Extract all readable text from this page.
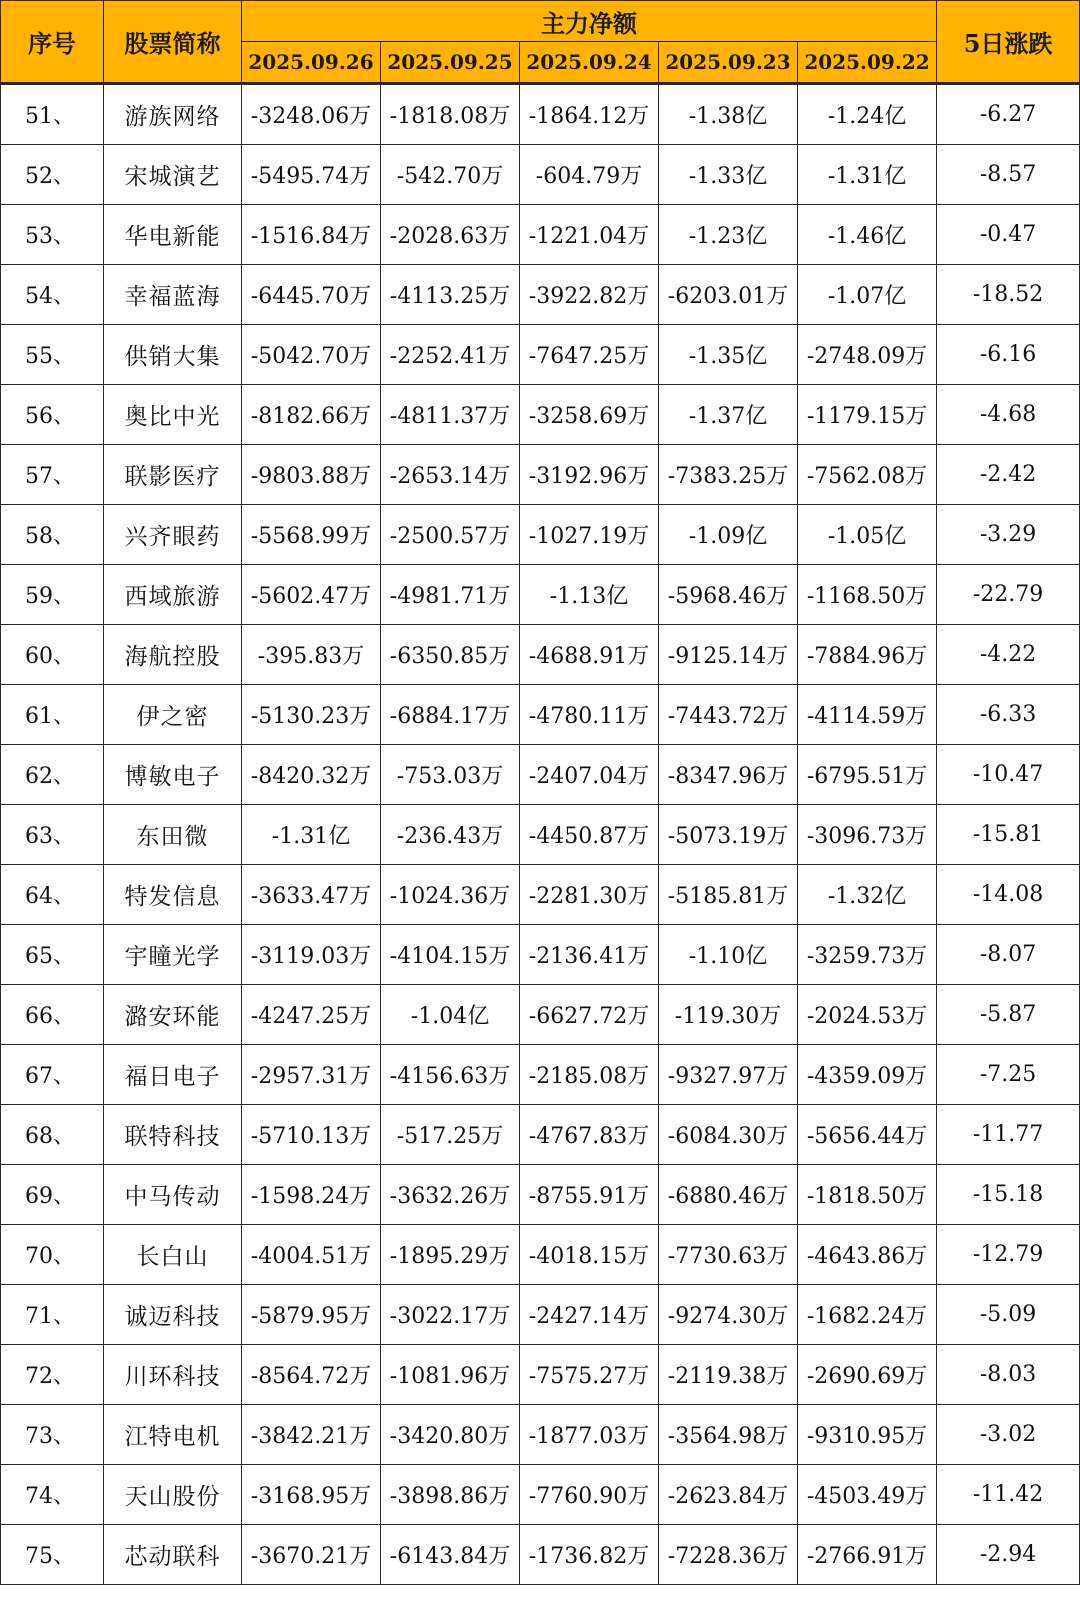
序号	股票简称	主力净额					5日涨跌
		2025.09.26	2025.09.25	2025.09.24	2025.09.23	2025.09.22	
51、	游族网络	-3248.06万	-1818.08万	-1864.12万	-1.38亿	-1.24亿	-6.27
52、	宋城演艺	-5495.74万	-542.70万	-604.79万	-1.33亿	-1.31亿	-8.57
53、	华电新能	-1516.84万	-2028.63万	-1221.04万	-1.23亿	-1.46亿	-0.47
54、	幸福蓝海	-6445.70万	-4113.25万	-3922.82万	-6203.01万	-1.07亿	-18.52
55、	供销大集	-5042.70万	-2252.41万	-7647.25万	-1.35亿	-2748.09万	-6.16
56、	奥比中光	-8182.66万	-4811.37万	-3258.69万	-1.37亿	-1179.15万	-4.68
57、	联影医疗	-9803.88万	-2653.14万	-3192.96万	-7383.25万	-7562.08万	-2.42
58、	兴齐眼药	-5568.99万	-2500.57万	-1027.19万	-1.09亿	-1.05亿	-3.29
59、	西域旅游	-5602.47万	-4981.71万	-1.13亿	-5968.46万	-1168.50万	-22.79
60、	海航控股	-395.83万	-6350.85万	-4688.91万	-9125.14万	-7884.96万	-4.22
61、	伊之密	-5130.23万	-6884.17万	-4780.11万	-7443.72万	-4114.59万	-6.33
62、	博敏电子	-8420.32万	-753.03万	-2407.04万	-8347.96万	-6795.51万	-10.47
63、	东田微	-1.31亿	-236.43万	-4450.87万	-5073.19万	-3096.73万	-15.81
64、	特发信息	-3633.47万	-1024.36万	-2281.30万	-5185.81万	-1.32亿	-14.08
65、	宇瞳光学	-3119.03万	-4104.15万	-2136.41万	-1.10亿	-3259.73万	-8.07
66、	潞安环能	-4247.25万	-1.04亿	-6627.72万	-119.30万	-2024.53万	-5.87
67、	福日电子	-2957.31万	-4156.63万	-2185.08万	-9327.97万	-4359.09万	-7.25
68、	联特科技	-5710.13万	-517.25万	-4767.83万	-6084.30万	-5656.44万	-11.77
69、	中马传动	-1598.24万	-3632.26万	-8755.91万	-6880.46万	-1818.50万	-15.18
70、	长白山	-4004.51万	-1895.29万	-4018.15万	-7730.63万	-4643.86万	-12.79
71、	诚迈科技	-5879.95万	-3022.17万	-2427.14万	-9274.30万	-1682.24万	-5.09
72、	川环科技	-8564.72万	-1081.96万	-7575.27万	-2119.38万	-2690.69万	-8.03
73、	江特电机	-3842.21万	-3420.80万	-1877.03万	-3564.98万	-9310.95万	-3.02
74、	天山股份	-3168.95万	-3898.86万	-7760.90万	-2623.84万	-4503.49万	-11.42
75、	芯动联科	-3670.21万	-6143.84万	-1736.82万	-7228.36万	-2766.91万	-2.94
